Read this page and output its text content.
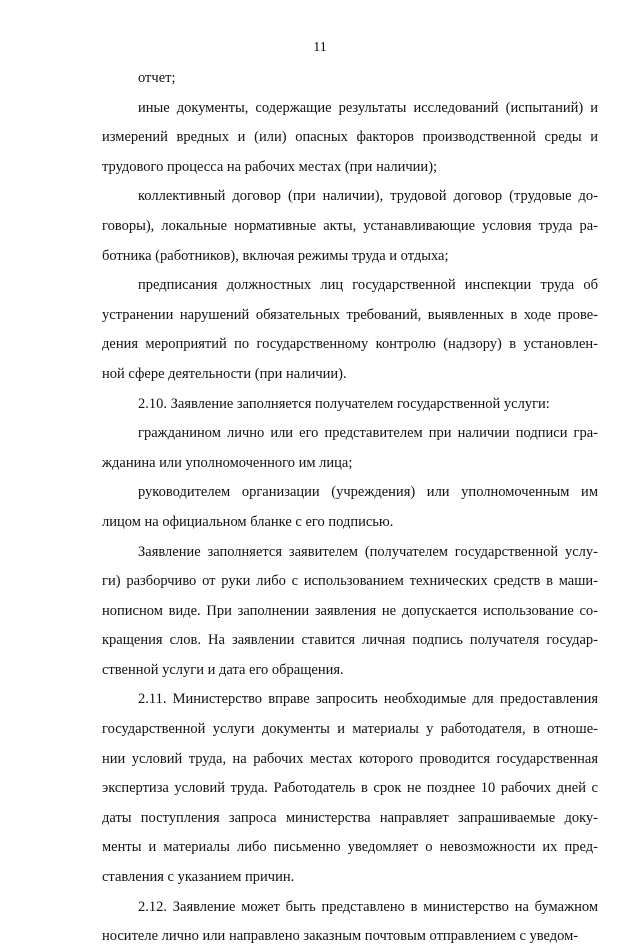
11
отчет;
иные документы, содержащие результаты исследований (испытаний) и
измерений вредных и (или) опасных факторов производственной среды и
трудового процесса на рабочих местах (при наличии);
коллективный договор (при наличии), трудовой договор (трудовые до-
говоры), локальные нормативные акты, устанавливающие условия труда ра-
ботника (работников), включая режимы труда и отдыха;
предписания должностных лиц государственной инспекции труда об
устранении нарушений обязательных требований, выявленных в ходе прове-
дения мероприятий по государственному контролю (надзору) в установлен-
ной сфере деятельности (при наличии).
2.10. Заявление заполняется получателем государственной услуги:
гражданином лично или его представителем при наличии подписи гра-
жданина или уполномоченного им лица;
руководителем организации (учреждения) или уполномоченным им
лицом на официальном бланке с его подписью.
Заявление заполняется заявителем (получателем государственной услу-
ги) разборчиво от руки либо с использованием технических средств в маши-
нописном виде. При заполнении заявления не допускается использование со-
кращения слов. На заявлении ставится личная подпись получателя государ-
ственной услуги и дата его обращения.
2.11. Министерство вправе запросить необходимые для предоставления
государственной услуги документы и материалы у работодателя, в отноше-
нии условий труда, на рабочих местах которого проводится государственная
экспертиза условий труда. Работодатель в срок не позднее 10 рабочих дней с
даты поступления запроса министерства направляет запрашиваемые доку-
менты и материалы либо письменно уведомляет о невозможности их пред-
ставления с указанием причин.
2.12. Заявление может быть представлено в министерство на бумажном
носителе лично или направлено заказным почтовым отправлением с уведом-
